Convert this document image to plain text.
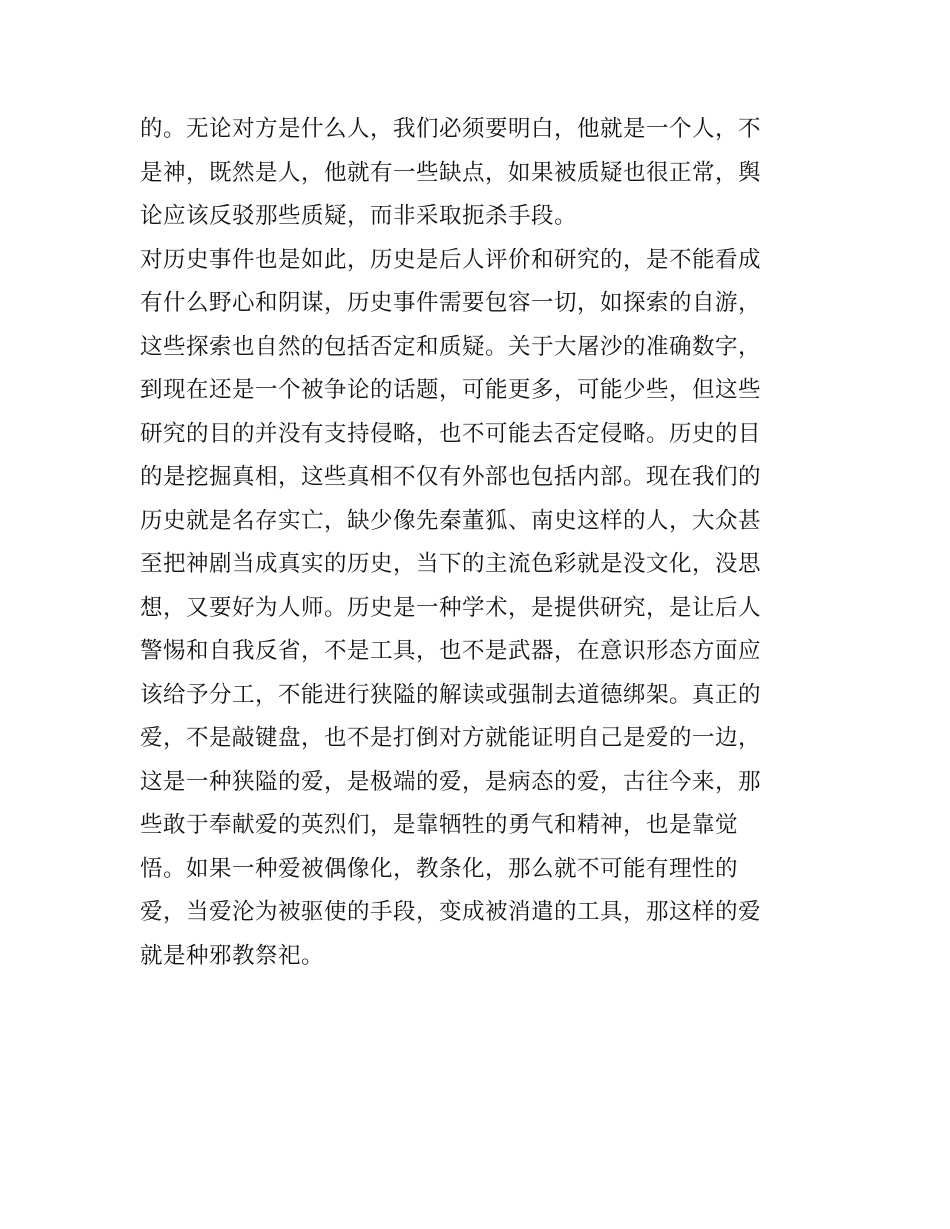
的。无论对方是什么人，我们必须要明白，他就是一个人，不
是神，既然是人，他就有一些缺点，如果被质疑也很正常，舆
论应该反驳那些质疑，而非采取扼杀手段。
对历史事件也是如此，历史是后人评价和研究的，是不能看成
有什么野心和阴谋，历史事件需要包容一切，如探索的自游，
这些探索也自然的包括否定和质疑。关于大屠沙的准确数字，
到现在还是一个被争论的话题，可能更多，可能少些，但这些
研究的目的并没有支持侵略，也不可能去否定侵略。历史的目
的是挖掘真相，这些真相不仅有外部也包括内部。现在我们的
历史就是名存实亡，缺少像先秦董狐、南史这样的人，大众甚
至把神剧当成真实的历史，当下的主流色彩就是没文化，没思
想，又要好为人师。历史是一种学术，是提供研究，是让后人
警惕和自我反省，不是工具，也不是武器，在意识形态方面应
该给予分工，不能进行狭隘的解读或强制去道德绑架。真正的
爱，不是敲键盘，也不是打倒对方就能证明自己是爱的一边，
这是一种狭隘的爱，是极端的爱，是病态的爱，古往今来，那
些敢于奉献爱的英烈们，是靠牺牲的勇气和精神，也是靠觉
悟。如果一种爱被偶像化，教条化，那么就不可能有理性的
爱，当爱沦为被驱使的手段，变成被消遣的工具，那这样的爱
就是种邪教祭祀。
